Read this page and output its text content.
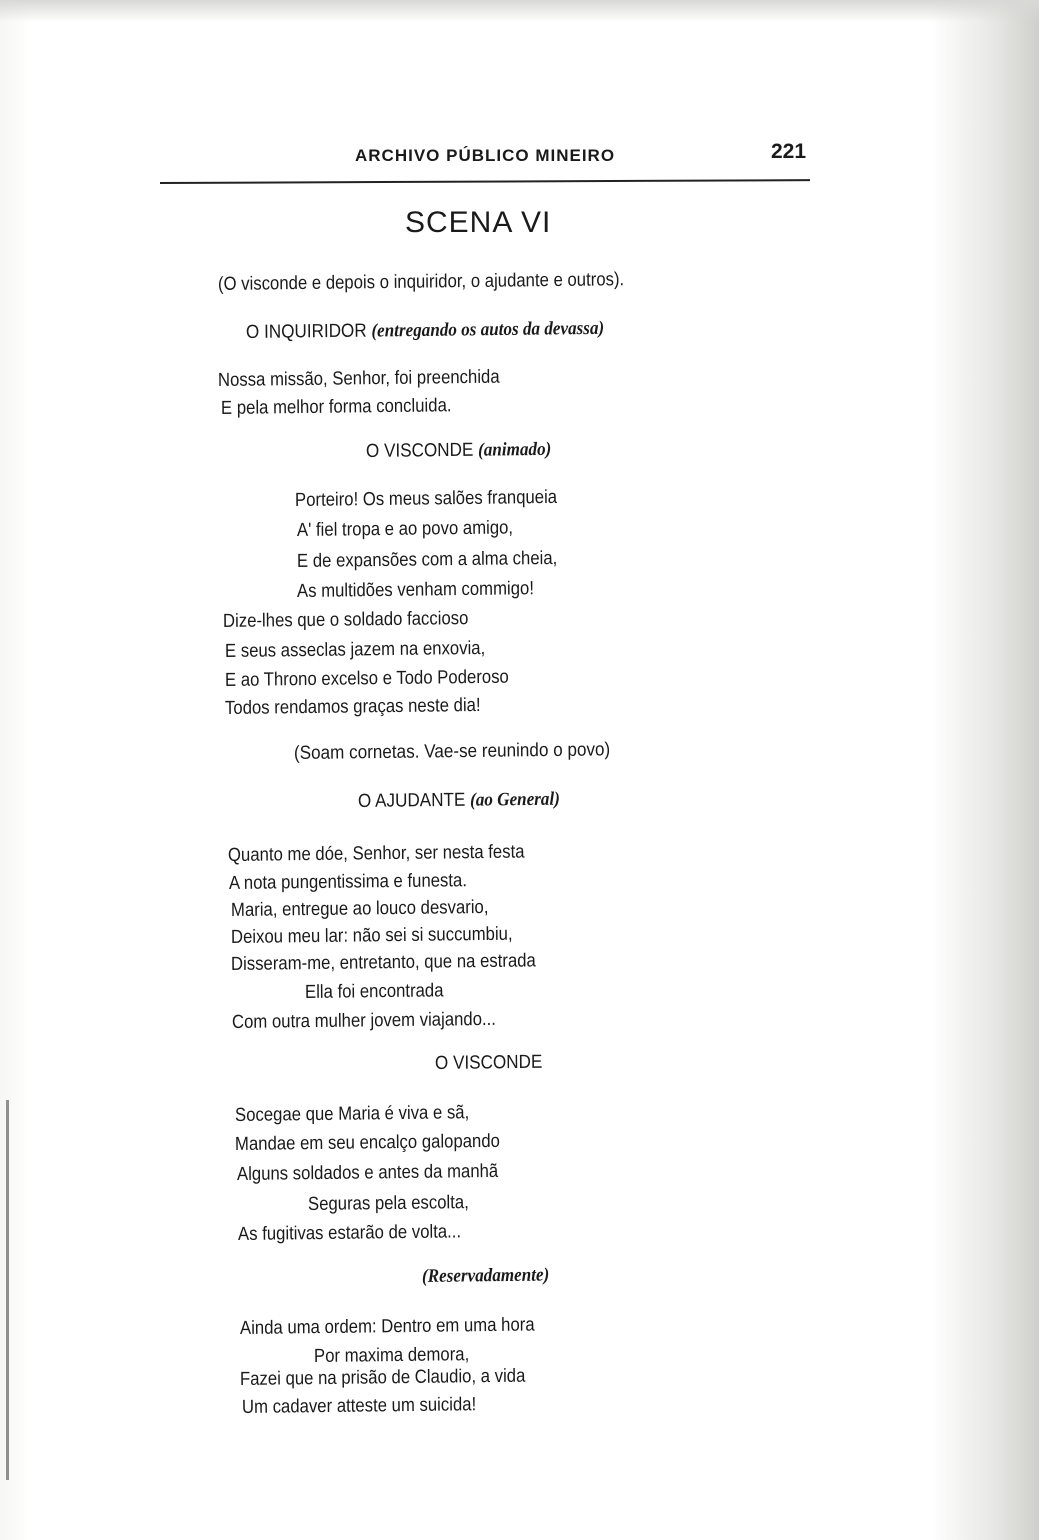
ARCHIVO PÚBLICO MINEIRO	221
SCENA VI
(O visconde e depois o inquiridor, o ajudante e outros).
O INQUIRIDOR (entregando os autos da devassa)
Nossa missão, Senhor, foi preenchida
E pela melhor forma concluida.
O VISCONDE (animado)
Porteiro! Os meus salões franqueia
A' fiel tropa e ao povo amigo,
E de expansões com a alma cheia,
As multidões venham commigo!
Dize-lhes que o soldado faccioso
E seus asseclas jazem na enxovia,
E ao Throno excelso e Todo Poderoso
Todos rendamos graças neste dia!
(Soam cornetas. Vae-se reunindo o povo)
O AJUDANTE (ao General)
Quanto me dóe, Senhor, ser nesta festa
A nota pungentissima e funesta.
Maria, entregue ao louco desvario,
Deixou meu lar: não sei si succumbiu,
Disseram-me, entretanto, que na estrada
Ella foi encontrada
Com outra mulher jovem viajando...
O VISCONDE
Socegae que Maria é viva e sã,
Mandae em seu encalço galopando
Alguns soldados e antes da manhã
Seguras pela escolta,
As fugitivas estarão de volta...
(Reservadamente)
Ainda uma ordem: Dentro em uma hora
Por maxima demora,
Fazei que na prisão de Claudio, a vida
Um cadaver atteste um suicida!
